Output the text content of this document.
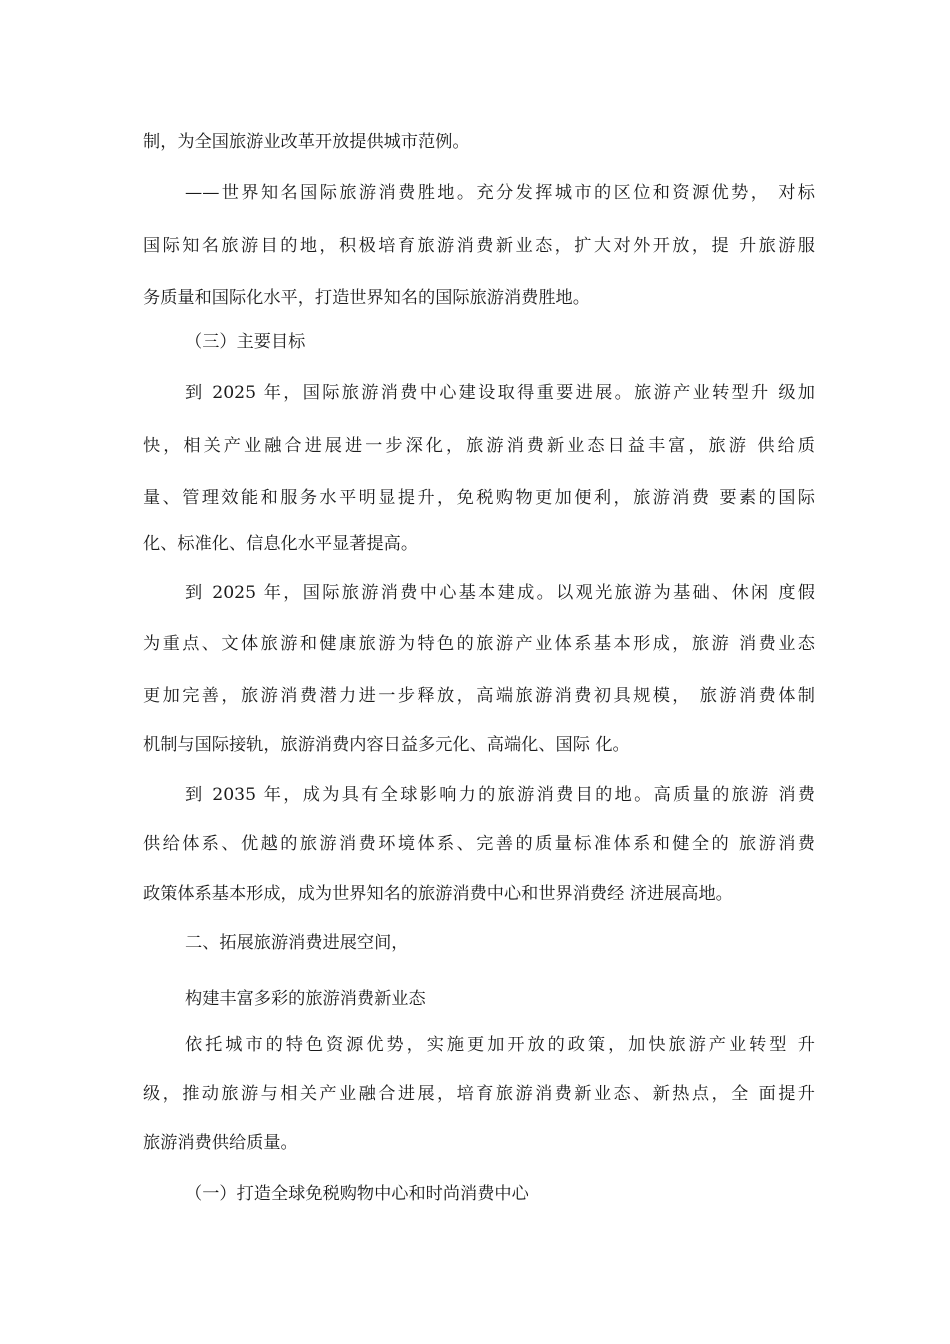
制，为全国旅游业改革开放提供城市范例。
——世界知名国际旅游消费胜地。充分发挥城市的区位和资源优势， 对标
国际知名旅游目的地，积极培育旅游消费新业态，扩大对外开放，提 升旅游服
务质量和国际化水平，打造世界知名的国际旅游消费胜地。
（三）主要目标
到 2025 年，国际旅游消费中心建设取得重要进展。旅游产业转型升 级加
快，相关产业融合进展进一步深化，旅游消费新业态日益丰富，旅游 供给质
量、管理效能和服务水平明显提升，免税购物更加便利，旅游消费 要素的国际
化、标准化、信息化水平显著提高。
到 2025 年，国际旅游消费中心基本建成。以观光旅游为基础、休闲 度假
为重点、文体旅游和健康旅游为特色的旅游产业体系基本形成，旅游 消费业态
更加完善，旅游消费潜力进一步释放，高端旅游消费初具规模， 旅游消费体制
机制与国际接轨，旅游消费内容日益多元化、高端化、国际 化。
到 2035 年，成为具有全球影响力的旅游消费目的地。高质量的旅游 消费
供给体系、优越的旅游消费环境体系、完善的质量标准体系和健全的 旅游消费
政策体系基本形成，成为世界知名的旅游消费中心和世界消费经 济进展高地。
二、拓展旅游消费进展空间，
构建丰富多彩的旅游消费新业态
依托城市的特色资源优势，实施更加开放的政策，加快旅游产业转型 升
级，推动旅游与相关产业融合进展，培育旅游消费新业态、新热点，全 面提升
旅游消费供给质量。
（一）打造全球免税购物中心和时尚消费中心
